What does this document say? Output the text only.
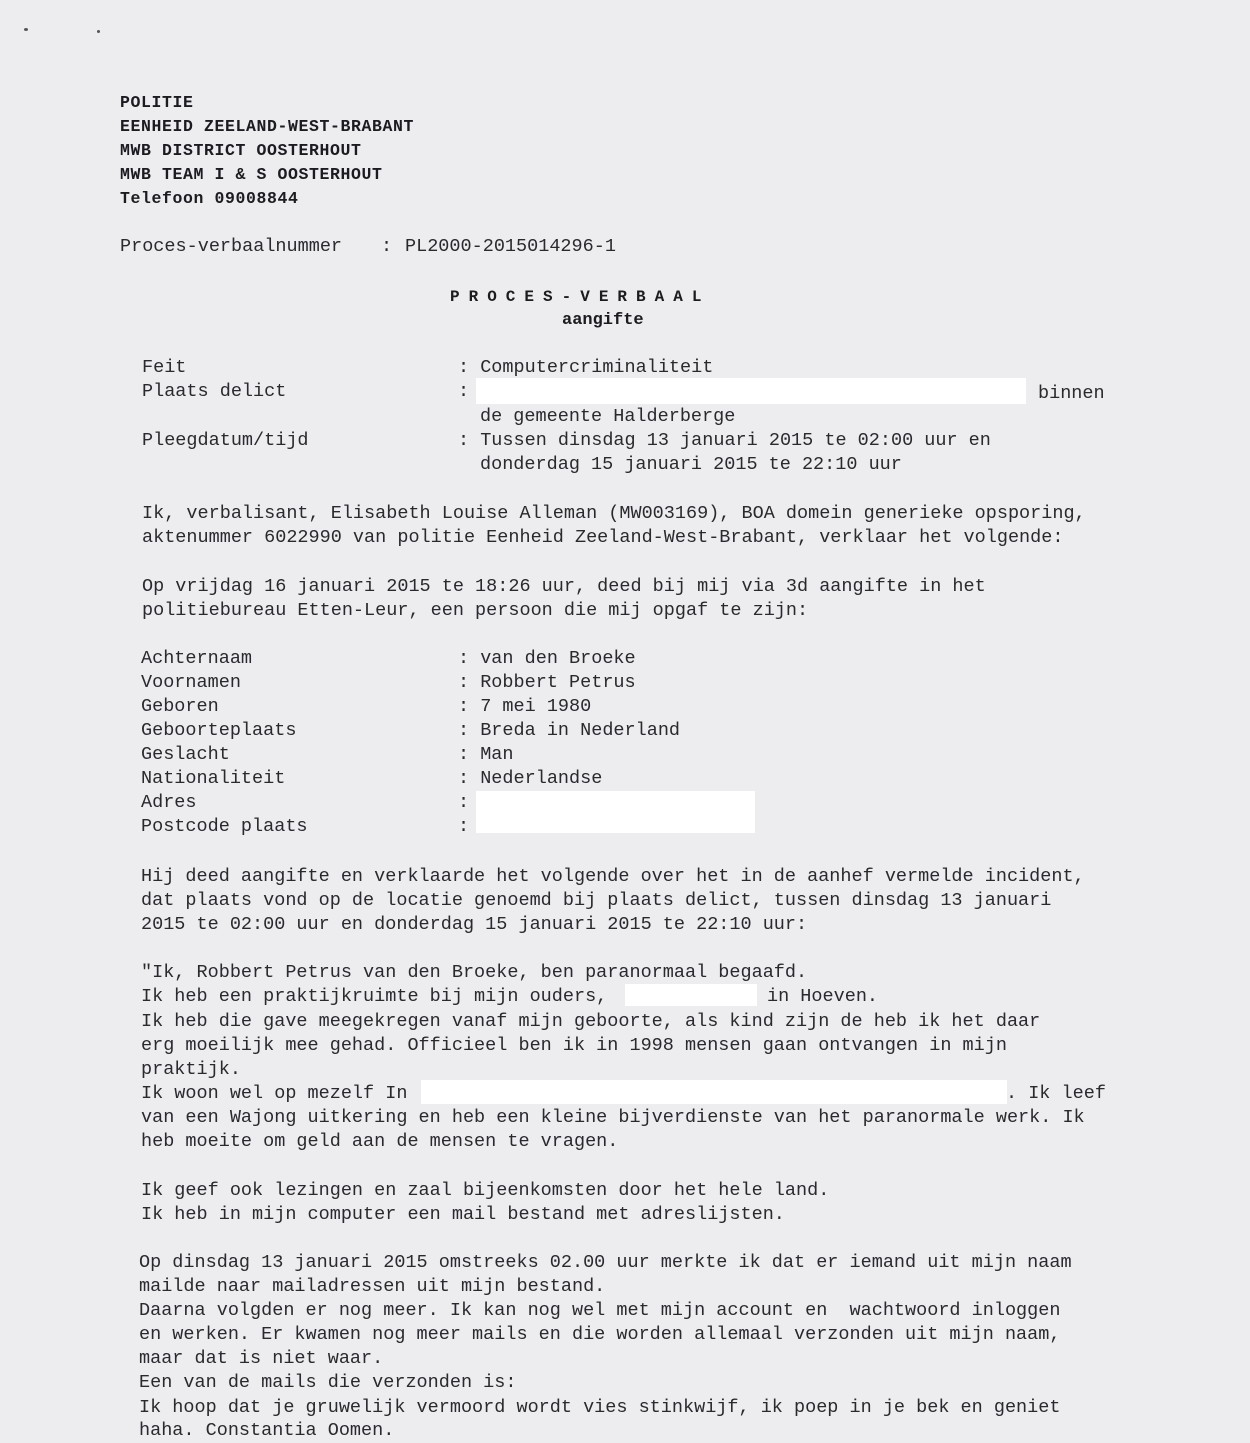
POLITIE
EENHEID ZEELAND-WEST-BRABANT
MWB DISTRICT OOSTERHOUT
MWB TEAM I & S OOSTERHOUT
Telefoon 09008844
Proces-verbaalnummer : PL2000-2015014296-1
PROCES-VERBAAL
aangifte
Feit	: Computercriminaliteit
Plaats delict	:	binnen
de gemeente Halderberge
Pleegdatum/tijd	: Tussen dinsdag 13 januari 2015 te 02:00 uur en
donderdag 15 januari 2015 te 22:10 uur
Ik, verbalisant, Elisabeth Louise Alleman (MW003169), BOA domein generieke opsporing,
aktenummer 6022990 van politie Eenheid Zeeland-West-Brabant, verklaar het volgende:
Op vrijdag 16 januari 2015 te 18:26 uur, deed bij mij via 3d aangifte in het
politiebureau Etten-Leur, een persoon die mij opgaf te zijn:
Achternaam	: van den Broeke
Voornamen	: Robbert Petrus
Geboren	: 7 mei 1980
Geboorteplaats	: Breda in Nederland
Geslacht	: Man
Nationaliteit	: Nederlandse
Adres	:
Postcode plaats	:
Hij deed aangifte en verklaarde het volgende over het in de aanhef vermelde incident,
dat plaats vond op de locatie genoemd bij plaats delict, tussen dinsdag 13 januari
2015 te 02:00 uur en donderdag 15 januari 2015 te 22:10 uur:
"Ik, Robbert Petrus van den Broeke, ben paranormaal begaafd.
Ik heb een praktijkruimte bij mijn ouders,	in Hoeven.
Ik heb die gave meegekregen vanaf mijn geboorte, als kind zijn de heb ik het daar
erg moeilijk mee gehad. Officieel ben ik in 1998 mensen gaan ontvangen in mijn
praktijk.
Ik woon wel op mezelf In	. Ik leef
van een Wajong uitkering en heb een kleine bijverdienste van het paranormale werk. Ik
heb moeite om geld aan de mensen te vragen.
Ik geef ook lezingen en zaal bijeenkomsten door het hele land.
Ik heb in mijn computer een mail bestand met adreslijsten.
Op dinsdag 13 januari 2015 omstreeks 02.00 uur merkte ik dat er iemand uit mijn naam
mailde naar mailadressen uit mijn bestand.
Daarna volgden er nog meer. Ik kan nog wel met mijn account en  wachtwoord inloggen
en werken. Er kwamen nog meer mails en die worden allemaal verzonden uit mijn naam,
maar dat is niet waar.
Een van de mails die verzonden is:
Ik hoop dat je gruwelijk vermoord wordt vies stinkwijf, ik poep in je bek en geniet
haha. Constantia Oomen.
